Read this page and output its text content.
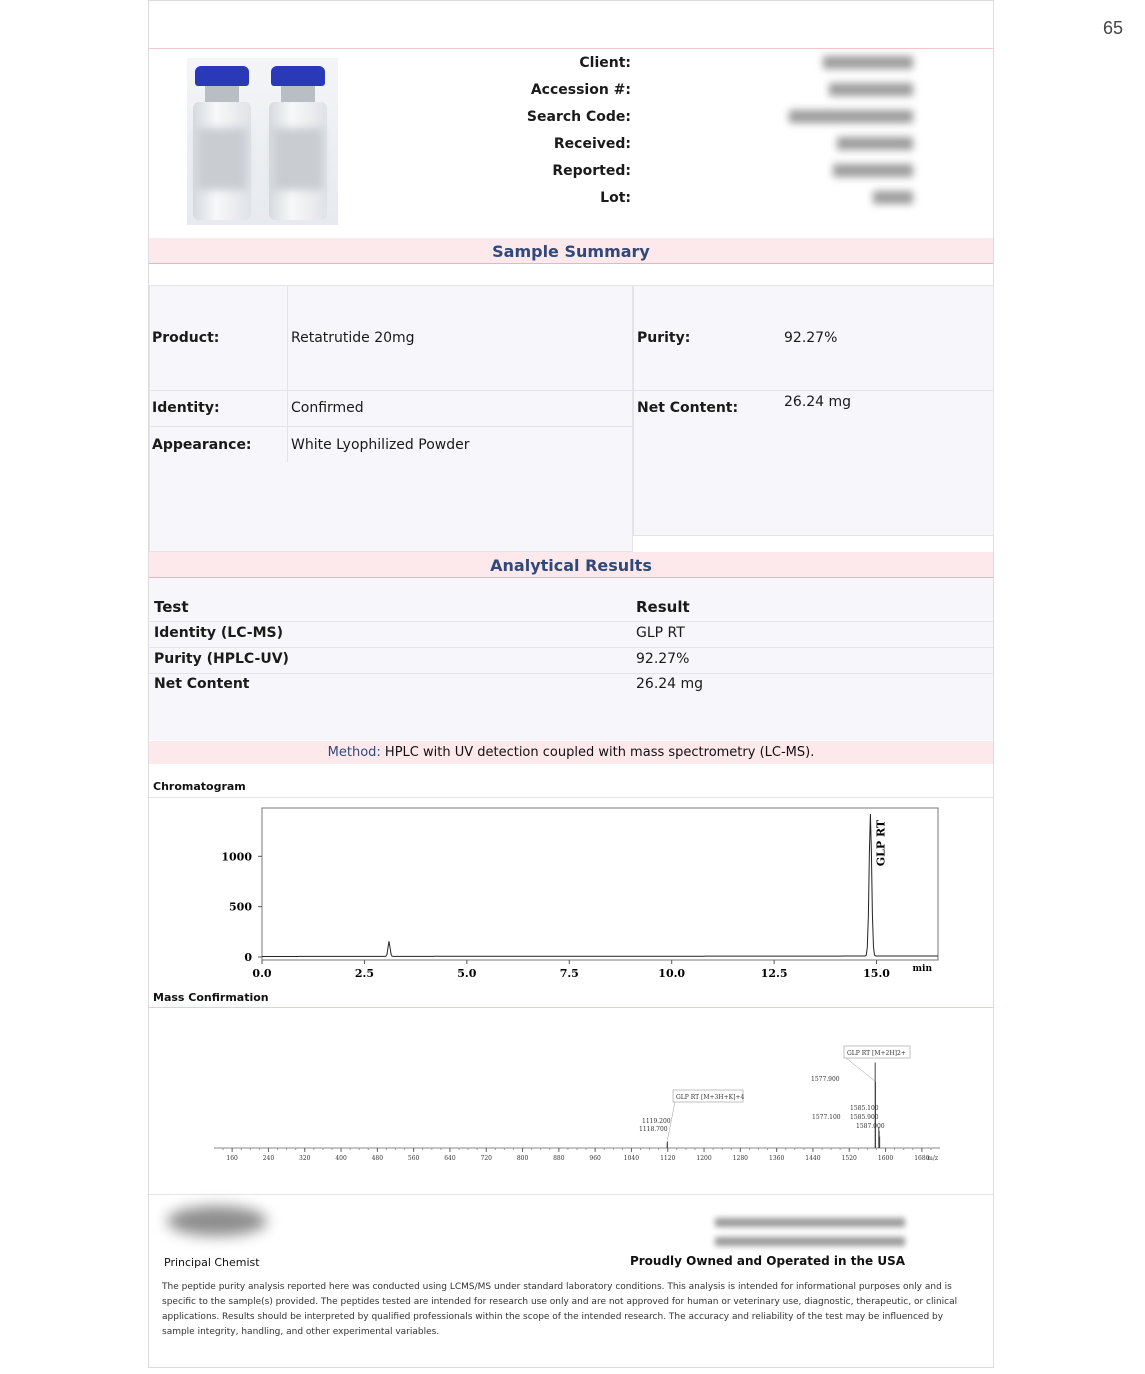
65
Client:
Accession #:
Search Code:
Received:
Reported:
Lot:
Sample Summary
Product:	Retatrutide 20mg	Purity:	92.27%
Identity:	Confirmed	Net Content:	26.24 mg
Appearance:	White Lyophilized Powder
Analytical Results
Test	Result
Identity (LC-MS)	GLP RT
Purity (HPLC-UV)	92.27%
Net Content	26.24 mg
Method: HPLC with UV detection coupled with mass spectrometry (LC-MS).
Chromatogram
0.0	2.5	5.0	7.5	10.0	12.5	15.0
0
500
1000
min
GLP RT
Mass Confirmation
160	240	320	400	480	560	640	720	800	880	960	1040	1120	1200	1280	1360	1440	1520	1600	1680
m/z
GLP RT [M+3H+K]+4
1119.200
1118.700
GLP RT [M+2H]2+
1577.900
1577.100
1585.100
1585.900
1587.000
Principal Chemist	Proudly Owned and Operated in the USA
The peptide purity analysis reported here was conducted using LCMS/MS under standard laboratory conditions. This analysis is intended for informational purposes only and is specific to the sample(s) provided. The peptides tested are intended for research use only and are not approved for human or veterinary use, diagnostic, therapeutic, or clinical applications. Results should be interpreted by qualified professionals within the scope of the intended research. The accuracy and reliability of the test may be influenced by sample integrity, handling, and other experimental variables.
